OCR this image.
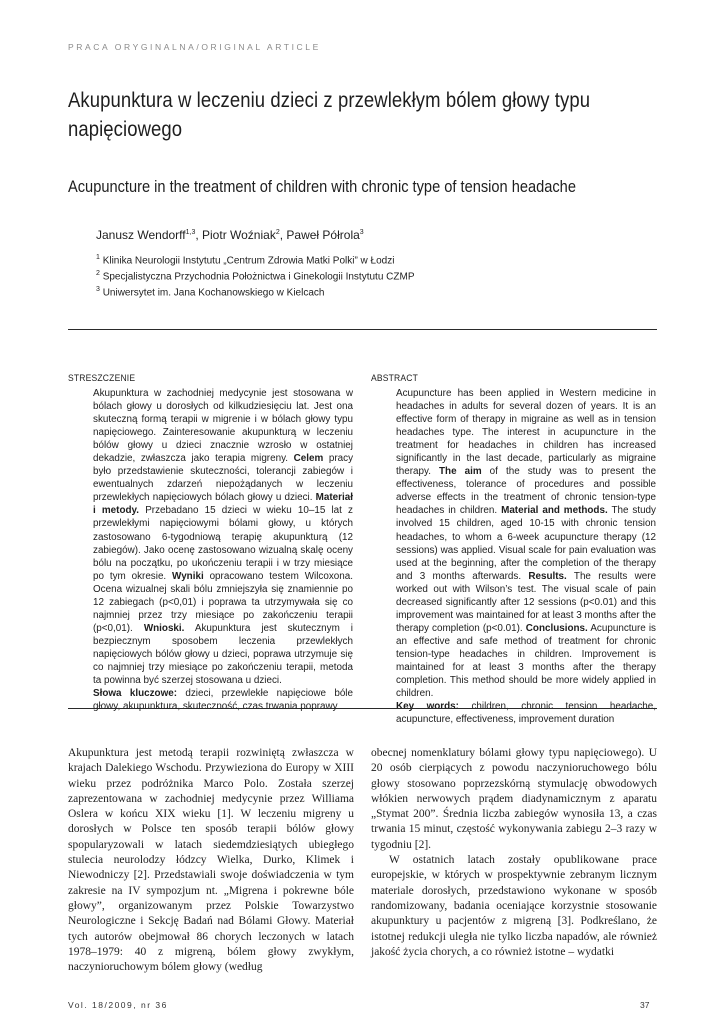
PRACA ORYGINALNA/ORIGINAL ARTICLE
Akupunktura w leczeniu dzieci z przewlekłym bólem głowy typu napięciowego
Acupuncture in the treatment of children with chronic type of tension headache
Janusz Wendorff$^{1,3}$, Piotr Woźniak$^2$, Paweł Półrola$^3$
$^1$ Klinika Neurologii Instytutu „Centrum Zdrowia Matki Polki” w Łodzi
$^2$ Specjalistyczna Przychodnia Położnictwa i Ginekologii Instytutu CZMP
$^3$ Uniwersytet im. Jana Kochanowskiego w Kielcach
STRESZCZENIE
Akupunktura w zachodniej medycynie jest stosowana w bólach głowy u dorosłych od kilkudziesięciu lat. Jest ona skuteczną formą terapii w migrenie i w bólach głowy typu napięciowego. Zainteresowanie akupunkturą w leczeniu bólów głowy u dzieci znacznie wzrosło w ostatniej dekadzie, zwłaszcza jako terapia migreny. Celem pracy było przedstawienie skuteczności, tolerancji zabiegów i ewentualnych zdarzeń niepożądanych w leczeniu przewlekłych napięciowych bólach głowy u dzieci. Materiał i metody. Przebadano 15 dzieci w wieku 10–15 lat z przewlekłymi napięciowymi bólami głowy, u których zastosowano 6-tygodniową terapię akupunkturą (12 zabiegów). Jako ocenę zastosowano wizualną skalę oceny bólu na początku, po ukończeniu terapii i w trzy miesiące po tym okresie. Wyniki opracowano testem Wilcoxona. Ocena wizualnej skali bólu zmniejszyła się znamiennie po 12 zabiegach (p<0,01) i poprawa ta utrzymywała się co najmniej przez trzy miesiące po zakończeniu terapii (p<0,01). Wnioski. Akupunktura jest skutecznym i bezpiecznym sposobem leczenia przewlekłych napięciowych bólów głowy u dzieci, poprawa utrzymuje się co najmniej trzy miesiące po zakończeniu terapii, metoda ta powinna być szerzej stosowana u dzieci.
Słowa kluczowe: dzieci, przewlekłe napięciowe bóle głowy, akupunktura, skuteczność, czas trwania poprawy
ABSTRACT
Acupuncture has been applied in Western medicine in headaches in adults for several dozen of years. It is an effective form of therapy in migraine as well as in tension headaches type. The interest in acupuncture in the treatment for headaches in children has increased significantly in the last decade, particularly as migraine therapy. The aim of the study was to present the effectiveness, tolerance of procedures and possible adverse effects in the treatment of chronic tension-type headaches in children. Material and methods. The study involved 15 children, aged 10-15 with chronic tension headaches, to whom a 6-week acupuncture therapy (12 sessions) was applied. Visual scale for pain evaluation was used at the beginning, after the completion of the therapy and 3 months afterwards. Results. The results were worked out with Wilson’s test. The visual scale of pain decreased significantly after 12 sessions (p<0.01) and this improvement was maintained for at least 3 months after the therapy completion (p<0.01). Conclusions. Acupuncture is an effective and safe method of treatment for chronic tension-type headaches in children. Improvement is maintained for at least 3 months after the therapy completion. This method should be more widely applied in children.
Key words: children, chronic tension headache, acupuncture, effectiveness, improvement duration

Akupunktura jest metodą terapii rozwiniętą zwłaszcza w krajach Dalekiego Wschodu. Przywieziona do Europy w XIII wieku przez podróżnika Marco Polo. Została szerzej zaprezentowana w zachodniej medycynie przez Williama Oslera w końcu XIX wieku [1]. W leczeniu migreny u dorosłych w Polsce ten sposób terapii bólów głowy spopularyzowali w latach siedemdziesiątych ubiegłego stulecia neurolodzy łódzcy Wielka, Durko, Klimek i Niewodniczy [2]. Przedstawiali swoje doświadczenia w tym zakresie na IV sympozjum nt. „Migrena i pokrewne bóle głowy”, organizowanym przez Polskie Towarzystwo Neurologiczne i Sekcję Badań nad Bólami Głowy. Materiał tych autorów obejmował 86 chorych leczonych w latach 1978–1979: 40 z migreną, bólem głowy zwykłym, naczynioruchowym bólem głowy (według

obecnej nomenklatury bólami głowy typu napięciowego). U 20 osób cierpiących z powodu naczynioruchowego bólu głowy stosowano poprzezskórną stymulację obwodowych włókien nerwowych prądem diadynamicznym z aparatu „Stymat 200”. Średnia liczba zabiegów wynosiła 13, a czas trwania 15 minut, częstość wykonywania zabiegu 2–3 razy w tygodniu [2].

W ostatnich latach zostały opublikowane prace europejskie, w których w prospektywnie zebranym licznym materiale dorosłych, przedstawiono wykonane w sposób randomizowany, badania oceniające korzystnie stosowanie akupunktury u pacjentów z migreną [3]. Podkreślano, że istotnej redukcji uległa nie tylko liczba napadów, ale również jakość życia chorych, a co również istotne – wydatki

Vol. 18/2009, nr 36	37
